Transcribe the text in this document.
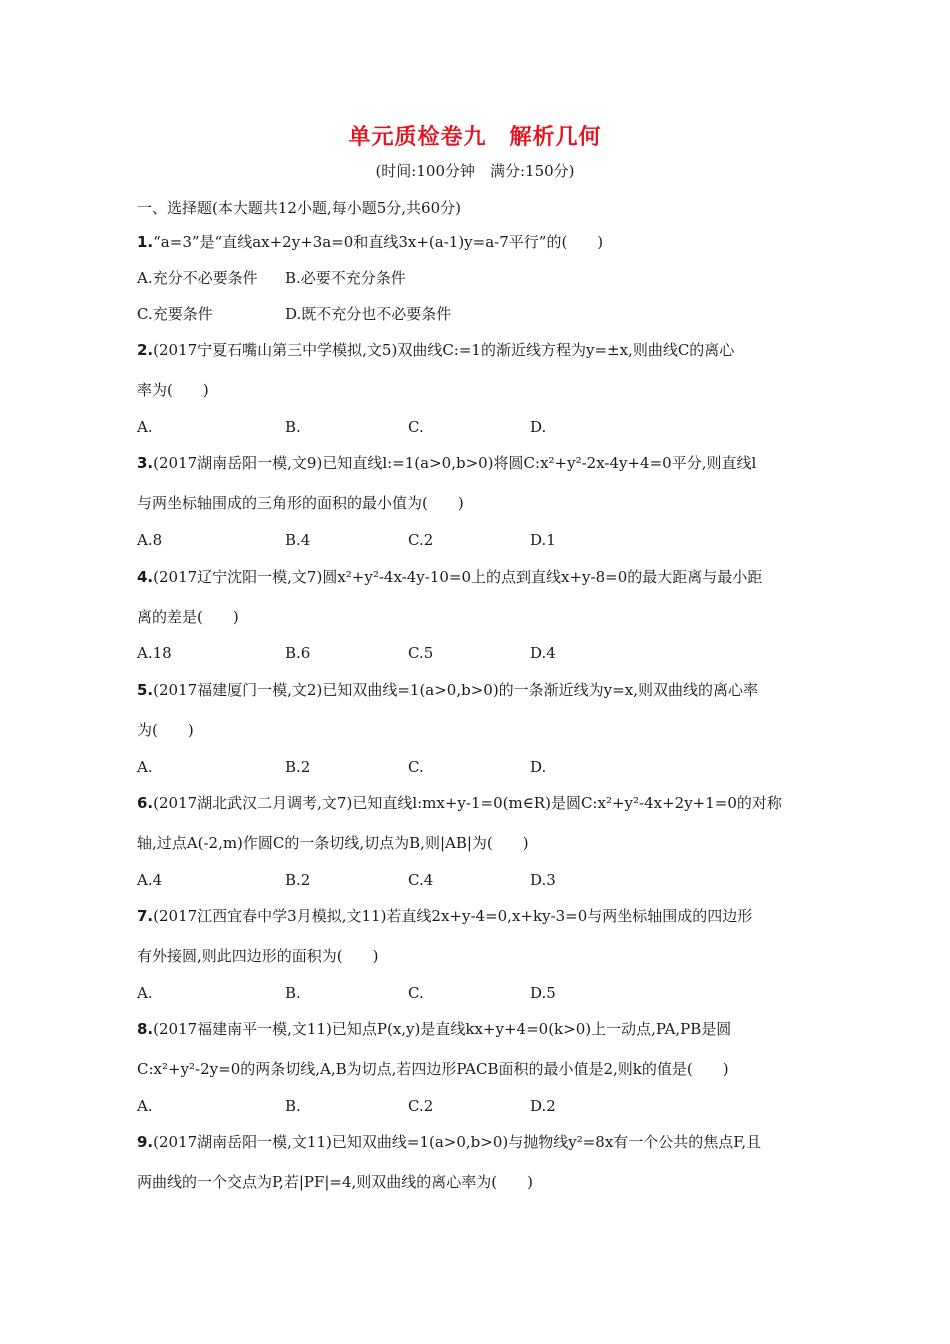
单元质检卷九　解析几何
(时间:100分钟　满分:150分)
一、选择题(本大题共12小题,每小题5分,共60分)
1.“a=3”是“直线ax+2y+3a=0和直线3x+(a-1)y=a-7平行”的(　　)
A.充分不必要条件 B.必要不充分条件
C.充要条件	D.既不充分也不必要条件
2.(2017宁夏石嘴山第三中学模拟,文5)双曲线C:=1的渐近线方程为y=±x,则曲线C的离心
率为(　　)
A.	B.	C.	D.
3.(2017湖南岳阳一模,文9)已知直线l:=1(a>0,b>0)将圆C:x²+y²-2x-4y+4=0平分,则直线l
与两坐标轴围成的三角形的面积的最小值为(　　)
A.8	B.4	C.2	D.1
4.(2017辽宁沈阳一模,文7)圆x²+y²-4x-4y-10=0上的点到直线x+y-8=0的最大距离与最小距
离的差是(　　)
A.18	B.6	C.5	D.4
5.(2017福建厦门一模,文2)已知双曲线=1(a>0,b>0)的一条渐近线为y=x,则双曲线的离心率
为(　　)
A.	B.2	C.	D.
6.(2017湖北武汉二月调考,文7)已知直线l:mx+y-1=0(m∈R)是圆C:x²+y²-4x+2y+1=0的对称
轴,过点A(-2,m)作圆C的一条切线,切点为B,则|AB|为(　　)
A.4	B.2	C.4	D.3
7.(2017江西宜春中学3月模拟,文11)若直线2x+y-4=0,x+ky-3=0与两坐标轴围成的四边形
有外接圆,则此四边形的面积为(　　)
A.	B.	C.	D.5
8.(2017福建南平一模,文11)已知点P(x,y)是直线kx+y+4=0(k>0)上一动点,PA,PB是圆
C:x²+y²-2y=0的两条切线,A,B为切点,若四边形PACB面积的最小值是2,则k的值是(　　)
A.	B.	C.2	D.2
9.(2017湖南岳阳一模,文11)已知双曲线=1(a>0,b>0)与抛物线y²=8x有一个公共的焦点F,且
两曲线的一个交点为P,若|PF|=4,则双曲线的离心率为(　　)
